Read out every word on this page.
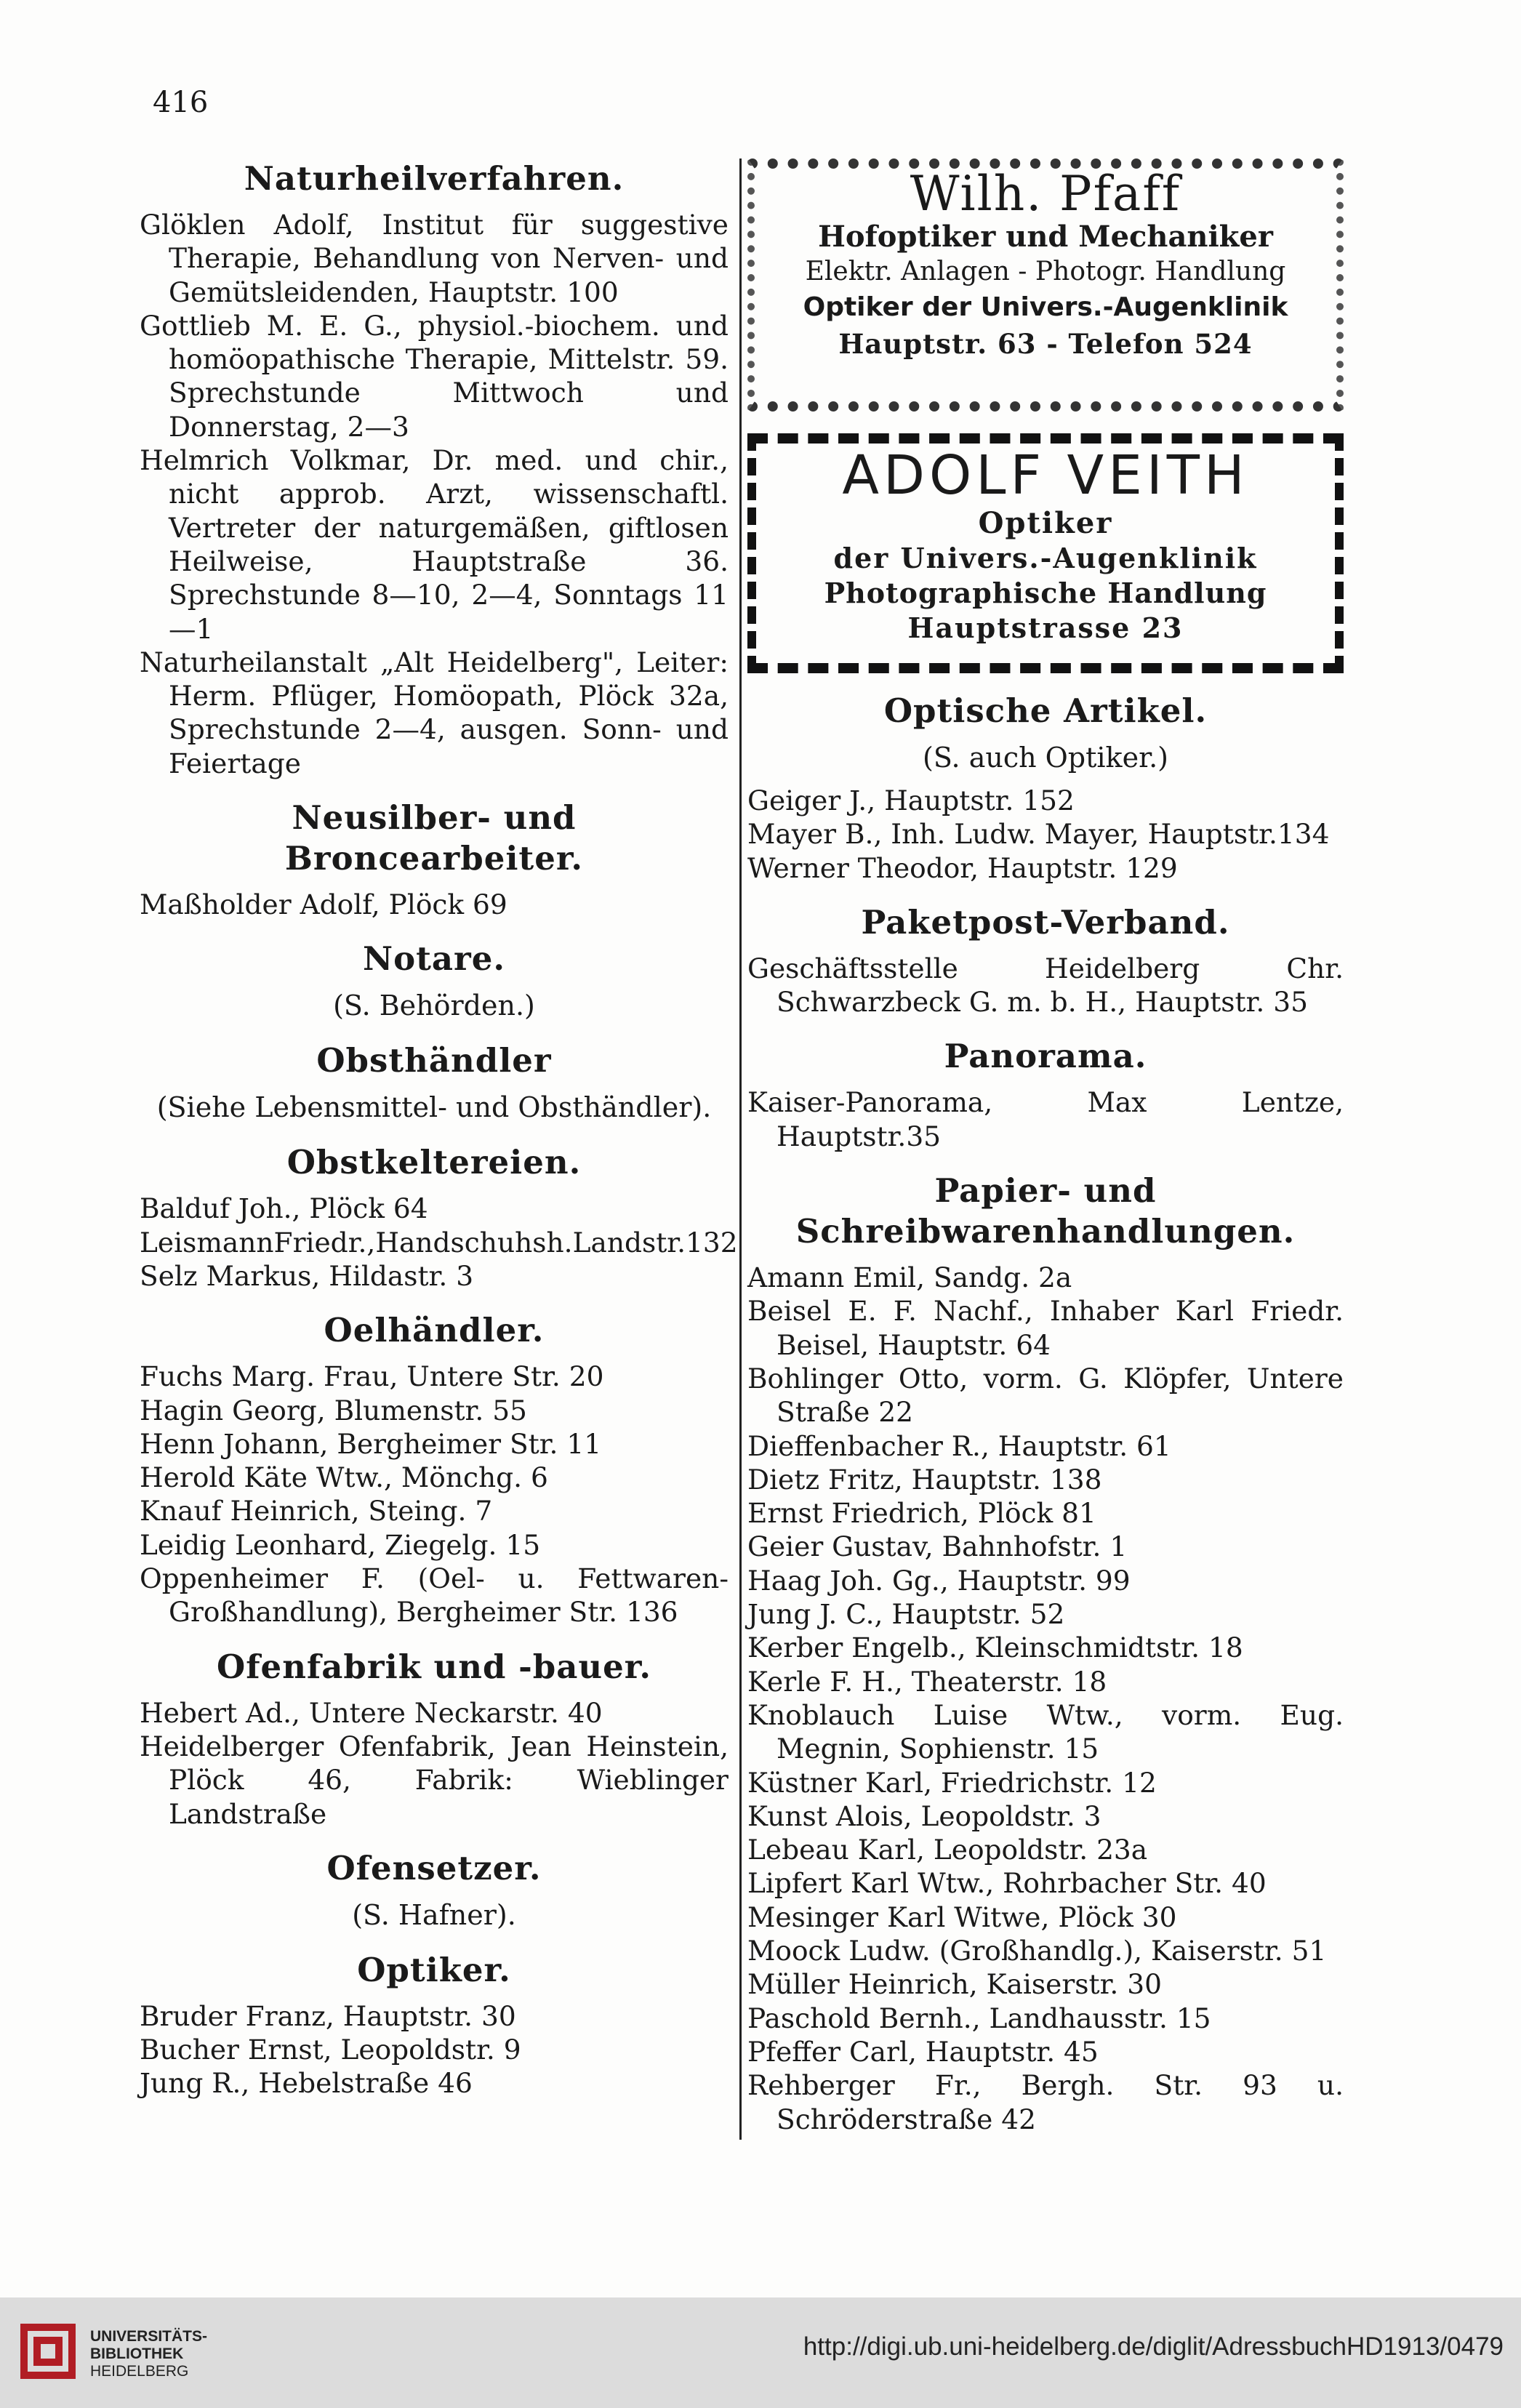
416
Naturheilverfahren.

Glöklen Adolf, Institut für suggestive Therapie, Behandlung von Nerven- und Gemütsleidenden, Hauptstr. 100

Gottlieb M. E. G., physiol.-biochem. und homöopathische Therapie, Mittelstr. 59. Sprechstunde Mittwoch und Donnerstag, 2—3

Helmrich Volkmar, Dr. med. und chir., nicht approb. Arzt, wissenschaftl. Vertreter der naturgemäßen, giftlosen Heilweise, Hauptstraße 36. Sprechstunde 8—10, 2—4, Sonntags 11—1

Naturheilanstalt „Alt Heidelberg", Leiter: Herm. Pflüger, Homöopath, Plöck 32a, Sprechstunde 2—4, ausgen. Sonn- und Feiertage

Neusilber- und Broncearbeiter.

Maßholder Adolf, Plöck 69

Notare.
(S. Behörden.)
Obsthändler
(Siehe Lebensmittel- und Obsthändler).
Obstkeltereien.

Balduf Joh., Plöck 64

LeismannFriedr.,Handschuhsh.Landstr.132

Selz Markus, Hildastr. 3

Oelhändler.

Fuchs Marg. Frau, Untere Str. 20

Hagin Georg, Blumenstr. 55

Henn Johann, Bergheimer Str. 11

Herold Käte Wtw., Mönchg. 6

Knauf Heinrich, Steing. 7

Leidig Leonhard, Ziegelg. 15

Oppenheimer F. (Oel- u. Fettwaren-Großhandlung), Bergheimer Str. 136

Ofenfabrik und -bauer.

Hebert Ad., Untere Neckarstr. 40

Heidelberger Ofenfabrik, Jean Heinstein, Plöck 46, Fabrik: Wieblinger Landstraße

Ofensetzer.
(S. Hafner).
Optiker.

Bruder Franz, Hauptstr. 30

Bucher Ernst, Leopoldstr. 9

Jung R., Hebelstraße 46

Wilh. Pfaff
Hofoptiker und Mechaniker
Elektr. Anlagen - Photogr. Handlung
Optiker der Univers.-Augenklinik
Hauptstr. 63 - Telefon 524
ADOLF VEITH
Optiker
der Univers.-Augenklinik
Photographische Handlung
Hauptstrasse 23
Optische Artikel.
(S. auch Optiker.)

Geiger J., Hauptstr. 152

Mayer B., Inh. Ludw. Mayer, Hauptstr.134

Werner Theodor, Hauptstr. 129

Paketpost-Verband.

Geschäftsstelle Heidelberg Chr. Schwarzbeck G. m. b. H., Hauptstr. 35

Panorama.

Kaiser-Panorama, Max Lentze, Hauptstr.35

Papier- und Schreibwarenhandlungen.

Amann Emil, Sandg. 2a

Beisel E. F. Nachf., Inhaber Karl Friedr. Beisel, Hauptstr. 64

Bohlinger Otto, vorm. G. Klöpfer, Untere Straße 22

Dieffenbacher R., Hauptstr. 61

Dietz Fritz, Hauptstr. 138

Ernst Friedrich, Plöck 81

Geier Gustav, Bahnhofstr. 1

Haag Joh. Gg., Hauptstr. 99

Jung J. C., Hauptstr. 52

Kerber Engelb., Kleinschmidtstr. 18

Kerle F. H., Theaterstr. 18

Knoblauch Luise Wtw., vorm. Eug. Megnin, Sophienstr. 15

Küstner Karl, Friedrichstr. 12

Kunst Alois, Leopoldstr. 3

Lebeau Karl, Leopoldstr. 23a

Lipfert Karl Wtw., Rohrbacher Str. 40

Mesinger Karl Witwe, Plöck 30

Moock Ludw. (Großhandlg.), Kaiserstr. 51

Müller Heinrich, Kaiserstr. 30

Paschold Bernh., Landhausstr. 15

Pfeffer Carl, Hauptstr. 45

Rehberger Fr., Bergh. Str. 93 u. Schröderstraße 42

UNIVERSITÄTS-
BIBLIOTHEK
HEIDELBERG
http://digi.ub.uni-heidelberg.de/diglit/AdressbuchHD1913/0479
